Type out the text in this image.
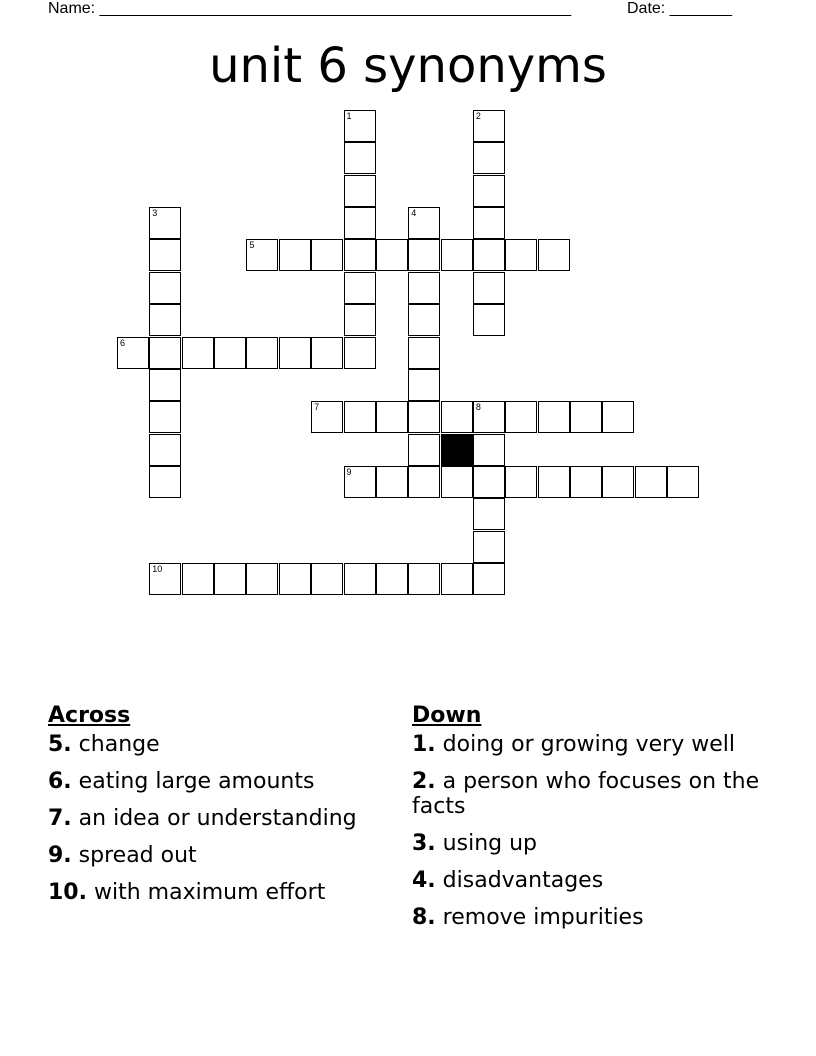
Name: _____________________________________________________	Date: _______
unit 6 synonyms
1	2
3	4
5
6
7	8
9
10
Across
5. change
6. eating large amounts
7. an idea or understanding
9. spread out
10. with maximum effort
Down
1. doing or growing very well
2. a person who focuses on the facts
3. using up
4. disadvantages
8. remove impurities
